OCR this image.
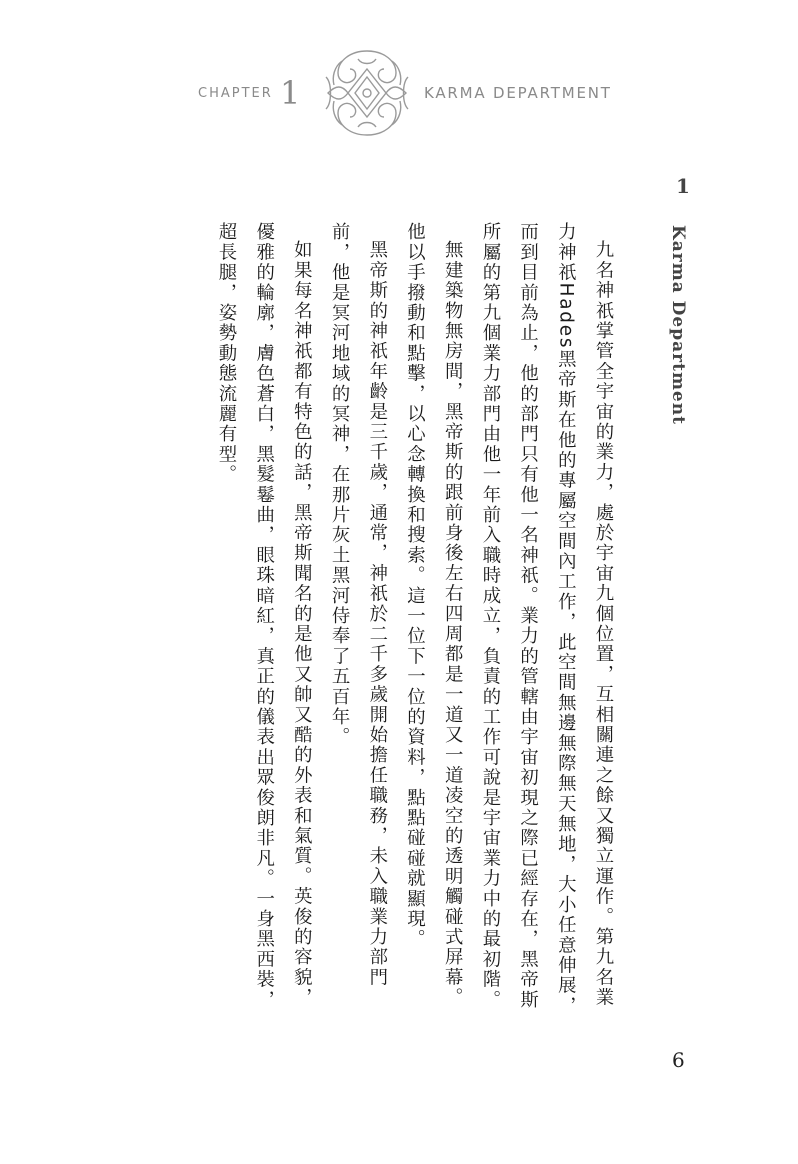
CHAPTER 1	KARMA DEPARTMENT
1
Karma Department

九名神祇掌管全宇宙的業力，處於宇宙九個位置，互相關連之餘又獨立運作。第九名業力神祇Hades黑帝斯在他的專屬空間內工作，此空間無邊無際無天無地，大小任意伸展，而到目前為止，他的部門只有他一名神祇。業力的管轄由宇宙初現之際已經存在，黑帝斯所屬的第九個業力部門由他一年前入職時成立，負責的工作可說是宇宙業力中的最初階。

無建築物無房間，黑帝斯的跟前身後左右四周都是一道又一道凌空的透明觸碰式屏幕。他以手撥動和點擊，以心念轉換和搜索。這一位下一位的資料，點點碰碰就顯現。

黑帝斯的神祇年齡是三千歲，通常，神祇於二千多歲開始擔任職務，未入職業力部門前，他是冥河地域的冥神，在那片灰土黑河侍奉了五百年。

如果每名神祇都有特色的話，黑帝斯聞名的是他又帥又酷的外表和氣質。英俊的容貌，優雅的輪廓，膚色蒼白，黑髮鬈曲，眼珠暗紅，真正的儀表出眾俊朗非凡。一身黑西裝，超長腿，姿勢動態流麗有型。

6
